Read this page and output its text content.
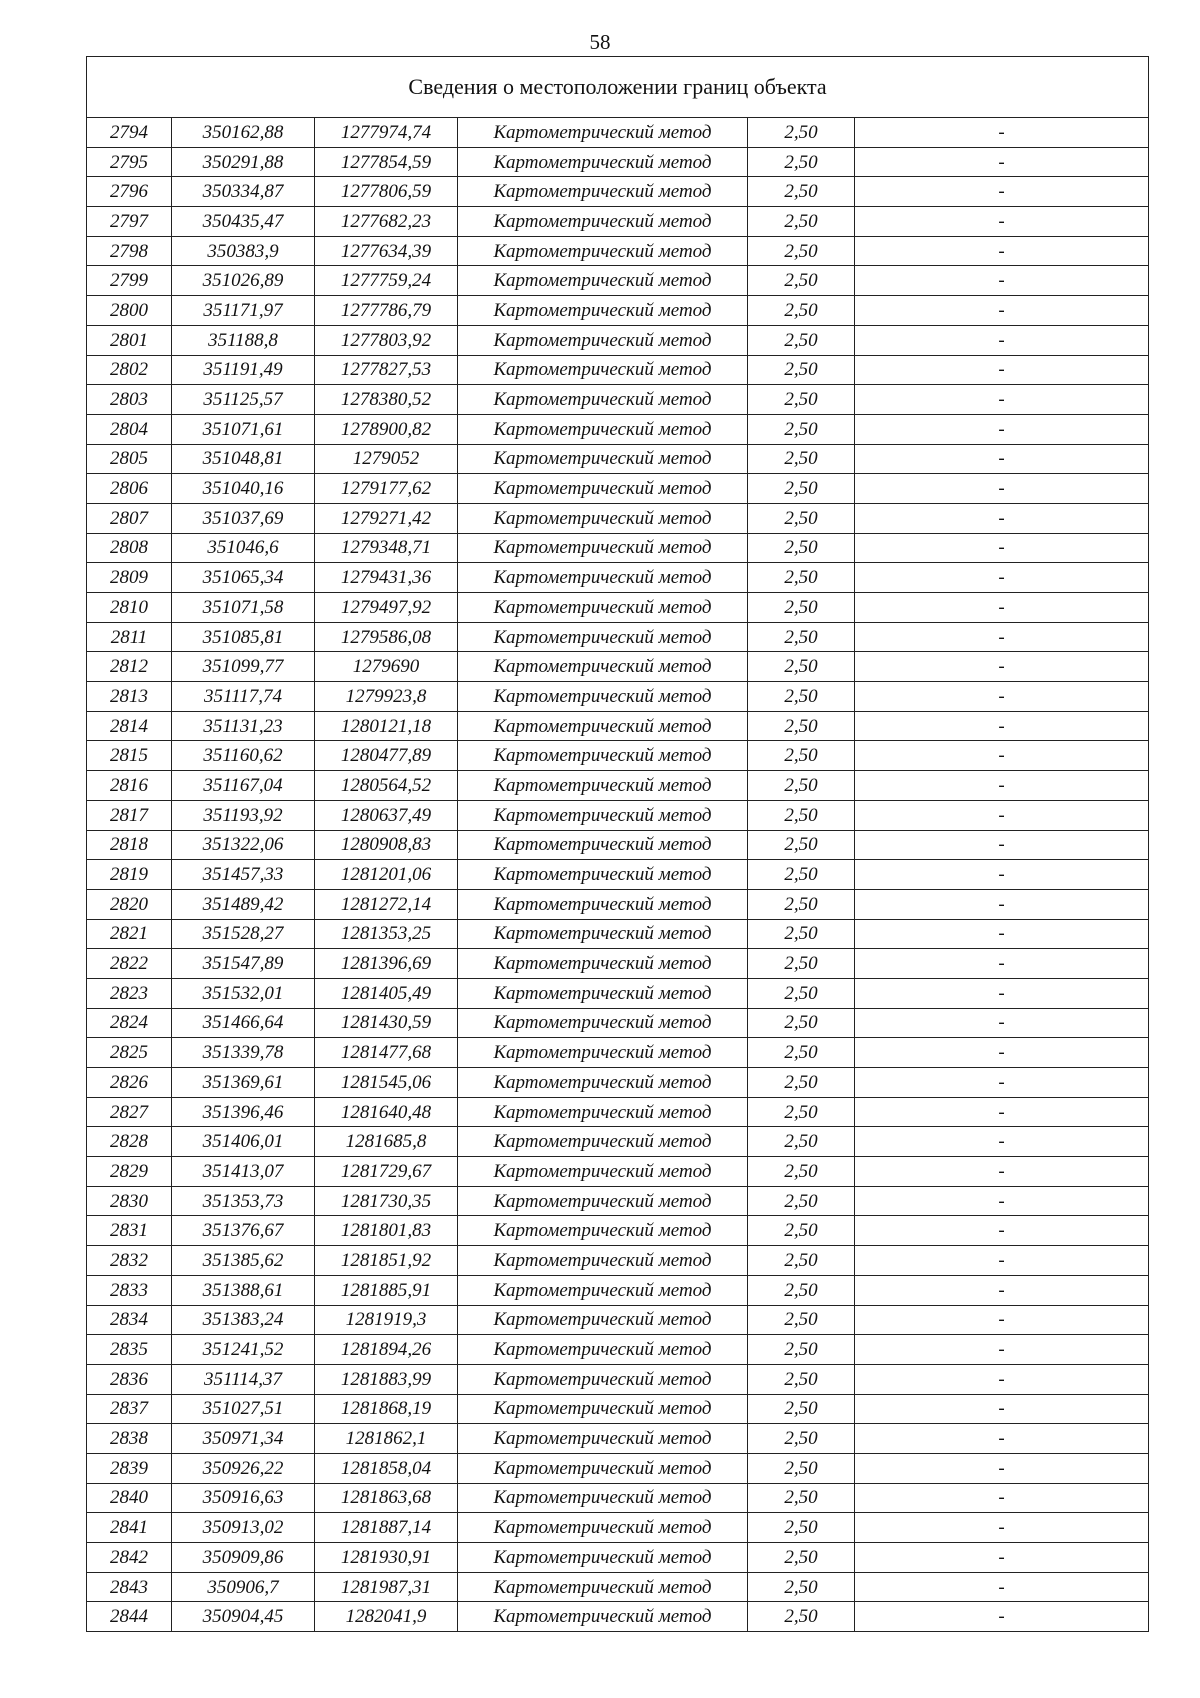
58
Сведения о местоположении границ объекта					
2794	350162,88	1277974,74	Картометрический метод	2,50	-
2795	350291,88	1277854,59	Картометрический метод	2,50	-
2796	350334,87	1277806,59	Картометрический метод	2,50	-
2797	350435,47	1277682,23	Картометрический метод	2,50	-
2798	350383,9	1277634,39	Картометрический метод	2,50	-
2799	351026,89	1277759,24	Картометрический метод	2,50	-
2800	351171,97	1277786,79	Картометрический метод	2,50	-
2801	351188,8	1277803,92	Картометрический метод	2,50	-
2802	351191,49	1277827,53	Картометрический метод	2,50	-
2803	351125,57	1278380,52	Картометрический метод	2,50	-
2804	351071,61	1278900,82	Картометрический метод	2,50	-
2805	351048,81	1279052	Картометрический метод	2,50	-
2806	351040,16	1279177,62	Картометрический метод	2,50	-
2807	351037,69	1279271,42	Картометрический метод	2,50	-
2808	351046,6	1279348,71	Картометрический метод	2,50	-
2809	351065,34	1279431,36	Картометрический метод	2,50	-
2810	351071,58	1279497,92	Картометрический метод	2,50	-
2811	351085,81	1279586,08	Картометрический метод	2,50	-
2812	351099,77	1279690	Картометрический метод	2,50	-
2813	351117,74	1279923,8	Картометрический метод	2,50	-
2814	351131,23	1280121,18	Картометрический метод	2,50	-
2815	351160,62	1280477,89	Картометрический метод	2,50	-
2816	351167,04	1280564,52	Картометрический метод	2,50	-
2817	351193,92	1280637,49	Картометрический метод	2,50	-
2818	351322,06	1280908,83	Картометрический метод	2,50	-
2819	351457,33	1281201,06	Картометрический метод	2,50	-
2820	351489,42	1281272,14	Картометрический метод	2,50	-
2821	351528,27	1281353,25	Картометрический метод	2,50	-
2822	351547,89	1281396,69	Картометрический метод	2,50	-
2823	351532,01	1281405,49	Картометрический метод	2,50	-
2824	351466,64	1281430,59	Картометрический метод	2,50	-
2825	351339,78	1281477,68	Картометрический метод	2,50	-
2826	351369,61	1281545,06	Картометрический метод	2,50	-
2827	351396,46	1281640,48	Картометрический метод	2,50	-
2828	351406,01	1281685,8	Картометрический метод	2,50	-
2829	351413,07	1281729,67	Картометрический метод	2,50	-
2830	351353,73	1281730,35	Картометрический метод	2,50	-
2831	351376,67	1281801,83	Картометрический метод	2,50	-
2832	351385,62	1281851,92	Картометрический метод	2,50	-
2833	351388,61	1281885,91	Картометрический метод	2,50	-
2834	351383,24	1281919,3	Картометрический метод	2,50	-
2835	351241,52	1281894,26	Картометрический метод	2,50	-
2836	351114,37	1281883,99	Картометрический метод	2,50	-
2837	351027,51	1281868,19	Картометрический метод	2,50	-
2838	350971,34	1281862,1	Картометрический метод	2,50	-
2839	350926,22	1281858,04	Картометрический метод	2,50	-
2840	350916,63	1281863,68	Картометрический метод	2,50	-
2841	350913,02	1281887,14	Картометрический метод	2,50	-
2842	350909,86	1281930,91	Картометрический метод	2,50	-
2843	350906,7	1281987,31	Картометрический метод	2,50	-
2844	350904,45	1282041,9	Картометрический метод	2,50	-
